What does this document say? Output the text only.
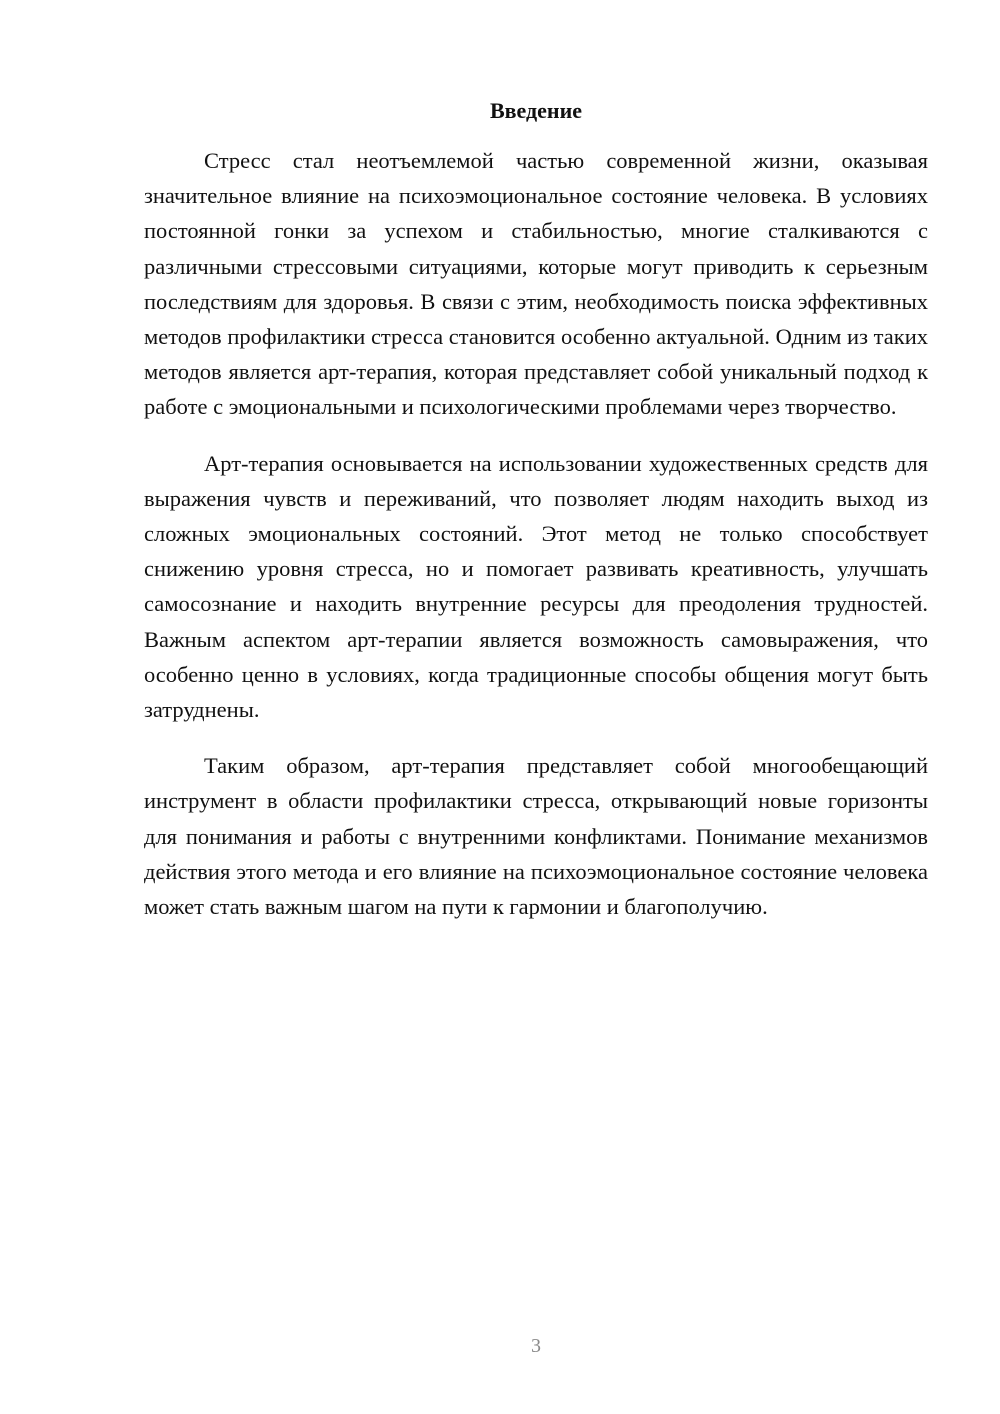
Введение

Стресс стал неотъемлемой частью современной жизни, оказывая значительное влияние на психоэмоциональное состояние человека. В условиях постоянной гонки за успехом и стабильностью, многие сталкиваются с различными стрессовыми ситуациями, которые могут приводить к серьезным последствиям для здоровья. В связи с этим, необходимость поиска эффективных методов профилактики стресса становится особенно актуальной. Одним из таких методов является арт-терапия, которая представляет собой уникальный подход к работе с эмоциональными и психологическими проблемами через творчество.

Арт-терапия основывается на использовании художественных средств для выражения чувств и переживаний, что позволяет людям находить выход из сложных эмоциональных состояний. Этот метод не только способствует снижению уровня стресса, но и помогает развивать креативность, улучшать самосознание и находить внутренние ресурсы для преодоления трудностей. Важным аспектом арт-терапии является возможность самовыражения, что особенно ценно в условиях, когда традиционные способы общения могут быть затруднены.

Таким образом, арт-терапия представляет собой многообещающий инструмент в области профилактики стресса, открывающий новые горизонты для понимания и работы с внутренними конфликтами. Понимание механизмов действия этого метода и его влияние на психоэмоциональное состояние человека может стать важным шагом на пути к гармонии и благополучию.

3
